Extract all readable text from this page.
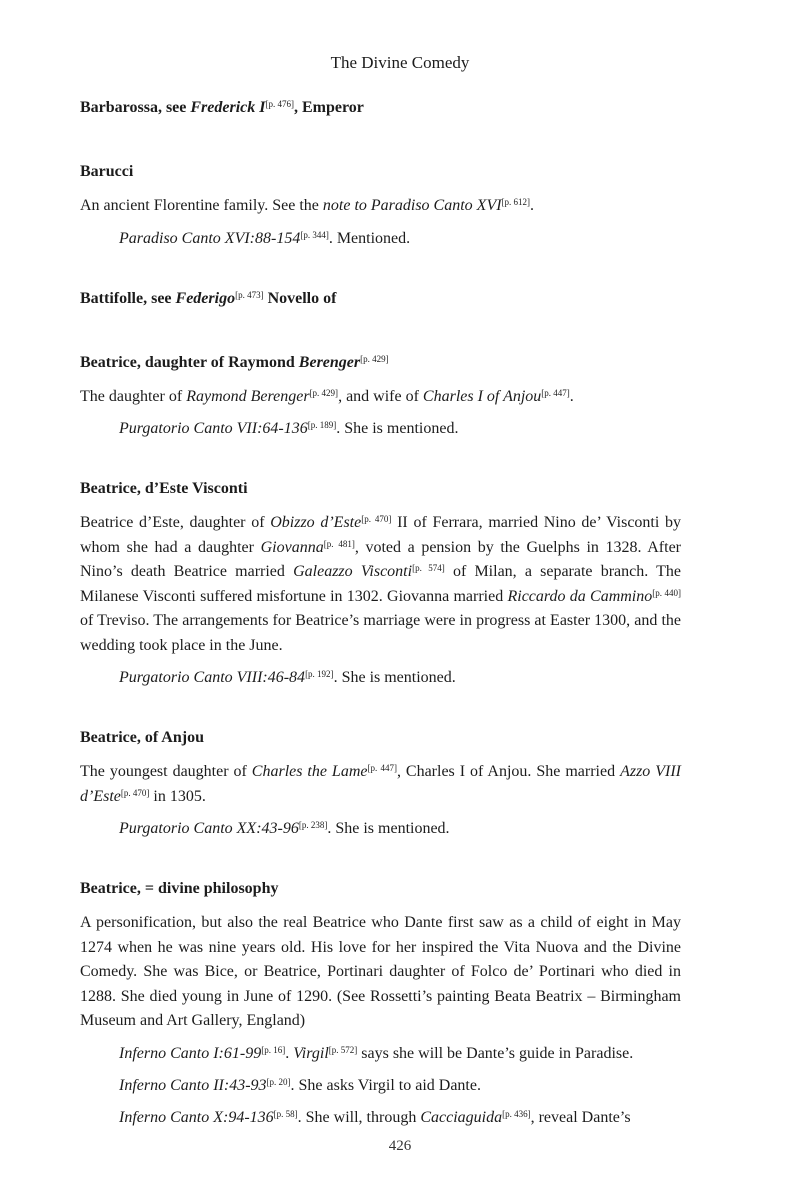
The Divine Comedy

Barbarossa, see Frederick I[p. 476], Emperor

Barucci

An ancient Florentine family. See the note to Paradiso Canto XVI[p. 612].

Paradiso Canto XVI:88-154[p. 344]. Mentioned.

Battifolle, see Federigo[p. 473] Novello of

Beatrice, daughter of Raymond Berenger[p. 429]

The daughter of Raymond Berenger[p. 429], and wife of Charles I of Anjou[p. 447].

Purgatorio Canto VII:64-136[p. 189]. She is mentioned.

Beatrice, d’Este Visconti

Beatrice d’Este, daughter of Obizzo d’Este[p. 470] II of Ferrara, married Nino de’ Visconti by whom she had a daughter Giovanna[p. 481], voted a pension by the Guelphs in 1328. After Nino’s death Beatrice married Galeazzo Visconti[p. 574] of Milan, a separate branch. The Milanese Visconti suffered misfortune in 1302. Giovanna married Riccardo da Cammino[p. 440] of Treviso. The arrangements for Beatrice’s marriage were in progress at Easter 1300, and the wedding took place in the June.

Purgatorio Canto VIII:46-84[p. 192]. She is mentioned.

Beatrice, of Anjou

The youngest daughter of Charles the Lame[p. 447], Charles I of Anjou. She married Azzo VIII d’Este[p. 470] in 1305.

Purgatorio Canto XX:43-96[p. 238]. She is mentioned.

Beatrice, = divine philosophy

A personification, but also the real Beatrice who Dante first saw as a child of eight in May 1274 when he was nine years old. His love for her inspired the Vita Nuova and the Divine Comedy. She was Bice, or Beatrice, Portinari daughter of Folco de’ Portinari who died in 1288. She died young in June of 1290. (See Rossetti’s painting Beata Beatrix – Birmingham Museum and Art Gallery, England)

Inferno Canto I:61-99[p. 16]. Virgil[p. 572] says she will be Dante’s guide in Paradise.

Inferno Canto II:43-93[p. 20]. She asks Virgil to aid Dante.

Inferno Canto X:94-136[p. 58]. She will, through Cacciaguida[p. 436], reveal Dante’s

426
